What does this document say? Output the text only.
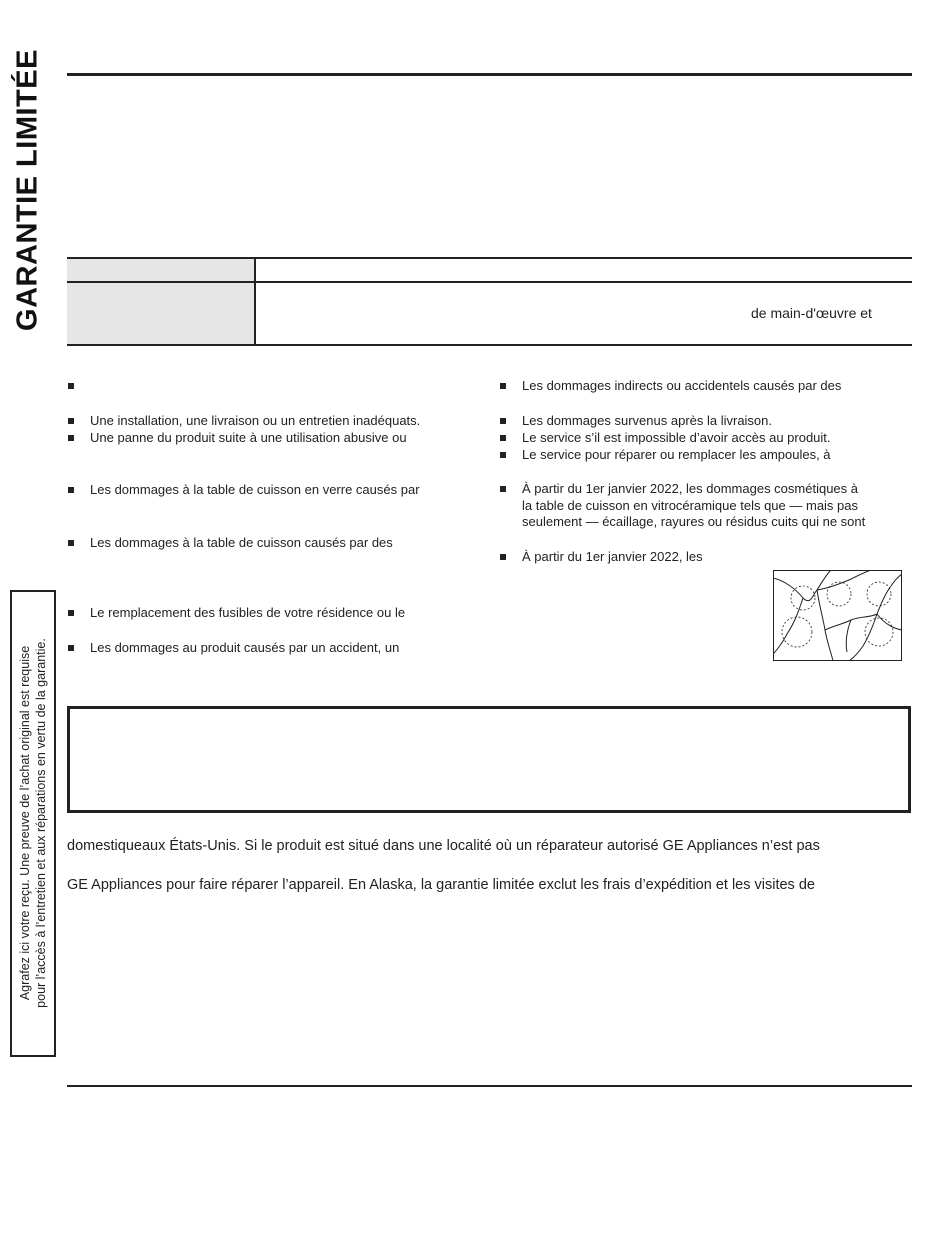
GARANTIE LIMITÉE	de main-d'œuvre et
Une installation, une livraison ou un entretien inadéquats.
Une panne du produit suite à une utilisation abusive ou
Les dommages à la table de cuisson en verre causés par
Les dommages à la table de cuisson causés par des
Le remplacement des fusibles de votre résidence ou le
Les dommages au produit causés par un accident, un
Les dommages indirects ou accidentels causés par des
Les dommages survenus après la livraison.
Le service s’il est impossible d’avoir accès au produit.
Le service pour réparer ou remplacer les ampoules, à
À partir du 1er janvier 2022, les dommages cosmétiques à
la table de cuisson en vitrocéramique tels que — mais pas
seulement — écaillage, rayures ou résidus cuits qui ne sont
À partir du 1er janvier 2022, les
Agrafez ici votre reçu. Une preuve de l’achat original est requise pour l’accès à l’entretien et aux réparations en vertu de la garantie. domestiqueaux États-Unis. Si le produit est situé dans une localité où un réparateur autorisé GE Appliances n’est pas
GE Appliances pour faire réparer l’appareil. En Alaska, la garantie limitée exclut les frais d’expédition et les visites de
